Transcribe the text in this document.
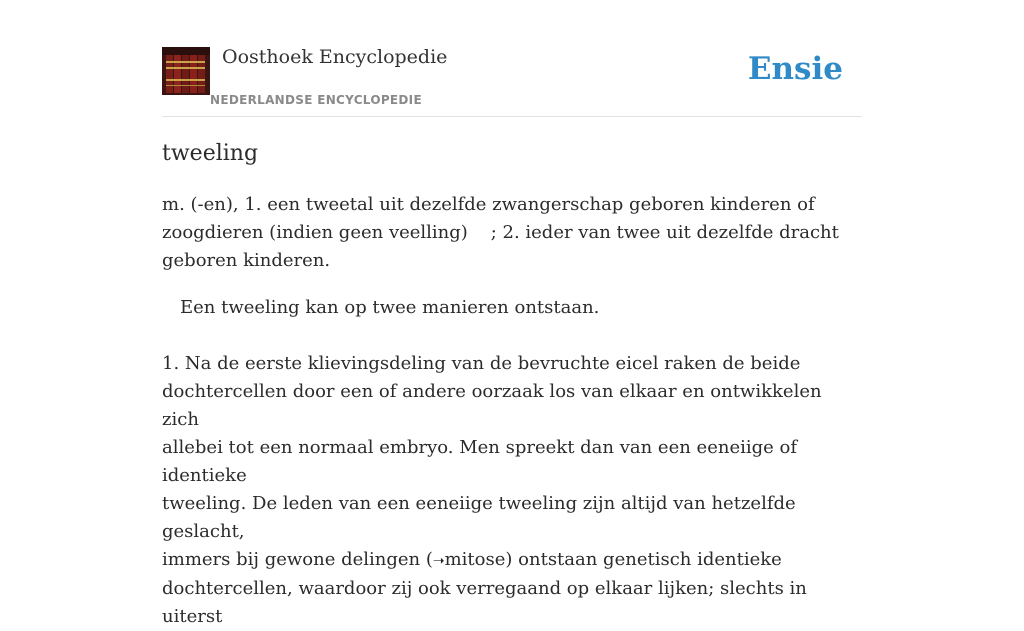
Oosthoek Encyclopedie
NEDERLANDSE ENCYCLOPEDIE
Ensie
tweeling

m. (-en), 1. een tweetal uit dezelfde zwangerschap geboren kinderen of
zoogdieren (indien geen veelling)    ; 2. ieder van twee uit dezelfde dracht
geboren kinderen.

Een tweeling kan op twee manieren ontstaan.

1. Na de eerste klievingsdeling van de bevruchte eicel raken de beide
dochtercellen door een of andere oorzaak los van elkaar en ontwikkelen zich
allebei tot een normaal embryo. Men spreekt dan van een eeneiige of identieke
tweeling. De leden van een eeneiige tweeling zijn altijd van hetzelfde geslacht,
immers bij gewone delingen (➝mitose) ontstaan genetisch identieke
dochtercellen, waardoor zij ook verregaand op elkaar lijken; slechts in uiterst
